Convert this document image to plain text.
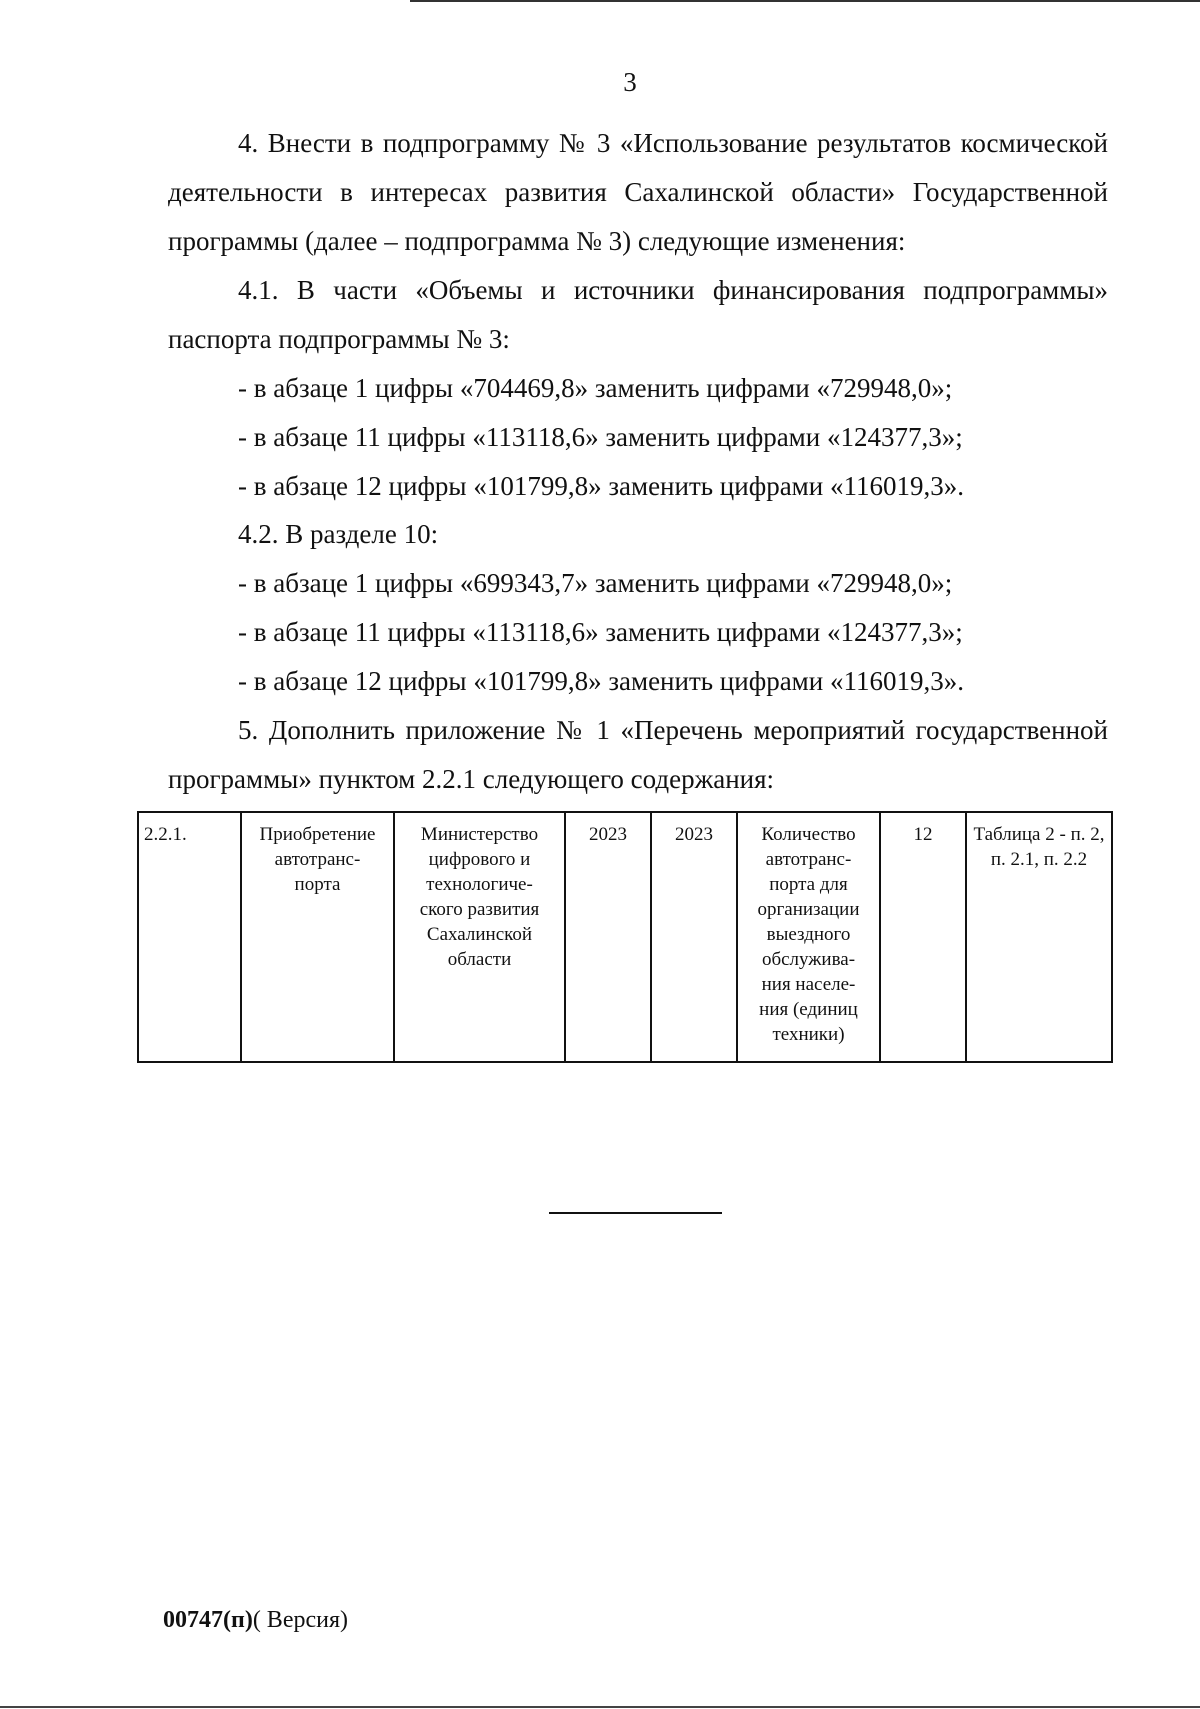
3

4. Внести в подпрограмму № 3 «Использование результатов космической деятельности в интересах развития Сахалинской области» Государственной программы (далее – подпрограмма № 3) следующие изменения:

4.1. В части «Объемы и источники финансирования подпрограммы» паспорта подпрограммы № 3:

- в абзаце 1 цифры «704469,8» заменить цифрами «729948,0»;

- в абзаце 11 цифры «113118,6» заменить цифрами «124377,3»;

- в абзаце 12 цифры «101799,8» заменить цифрами «116019,3».

4.2. В разделе 10:

- в абзаце 1 цифры «699343,7» заменить цифрами «729948,0»;

- в абзаце 11 цифры «113118,6» заменить цифрами «124377,3»;

- в абзаце 12 цифры «101799,8» заменить цифрами «116019,3».

5. Дополнить приложение № 1 «Перечень мероприятий государственной программы» пунктом 2.2.1 следующего содержания:

2.2.1.	Приобретение
автотранс-
порта	Министерство
цифрового и
технологиче-
ского развития
Сахалинской
области	2023	2023	Количество
автотранс-
порта для
организации
выездного
обслужива-
ния населе-
ния (единиц
техники)	12	Таблица 2 - п. 2,
п. 2.1, п. 2.2
00747(п)( Версия)
